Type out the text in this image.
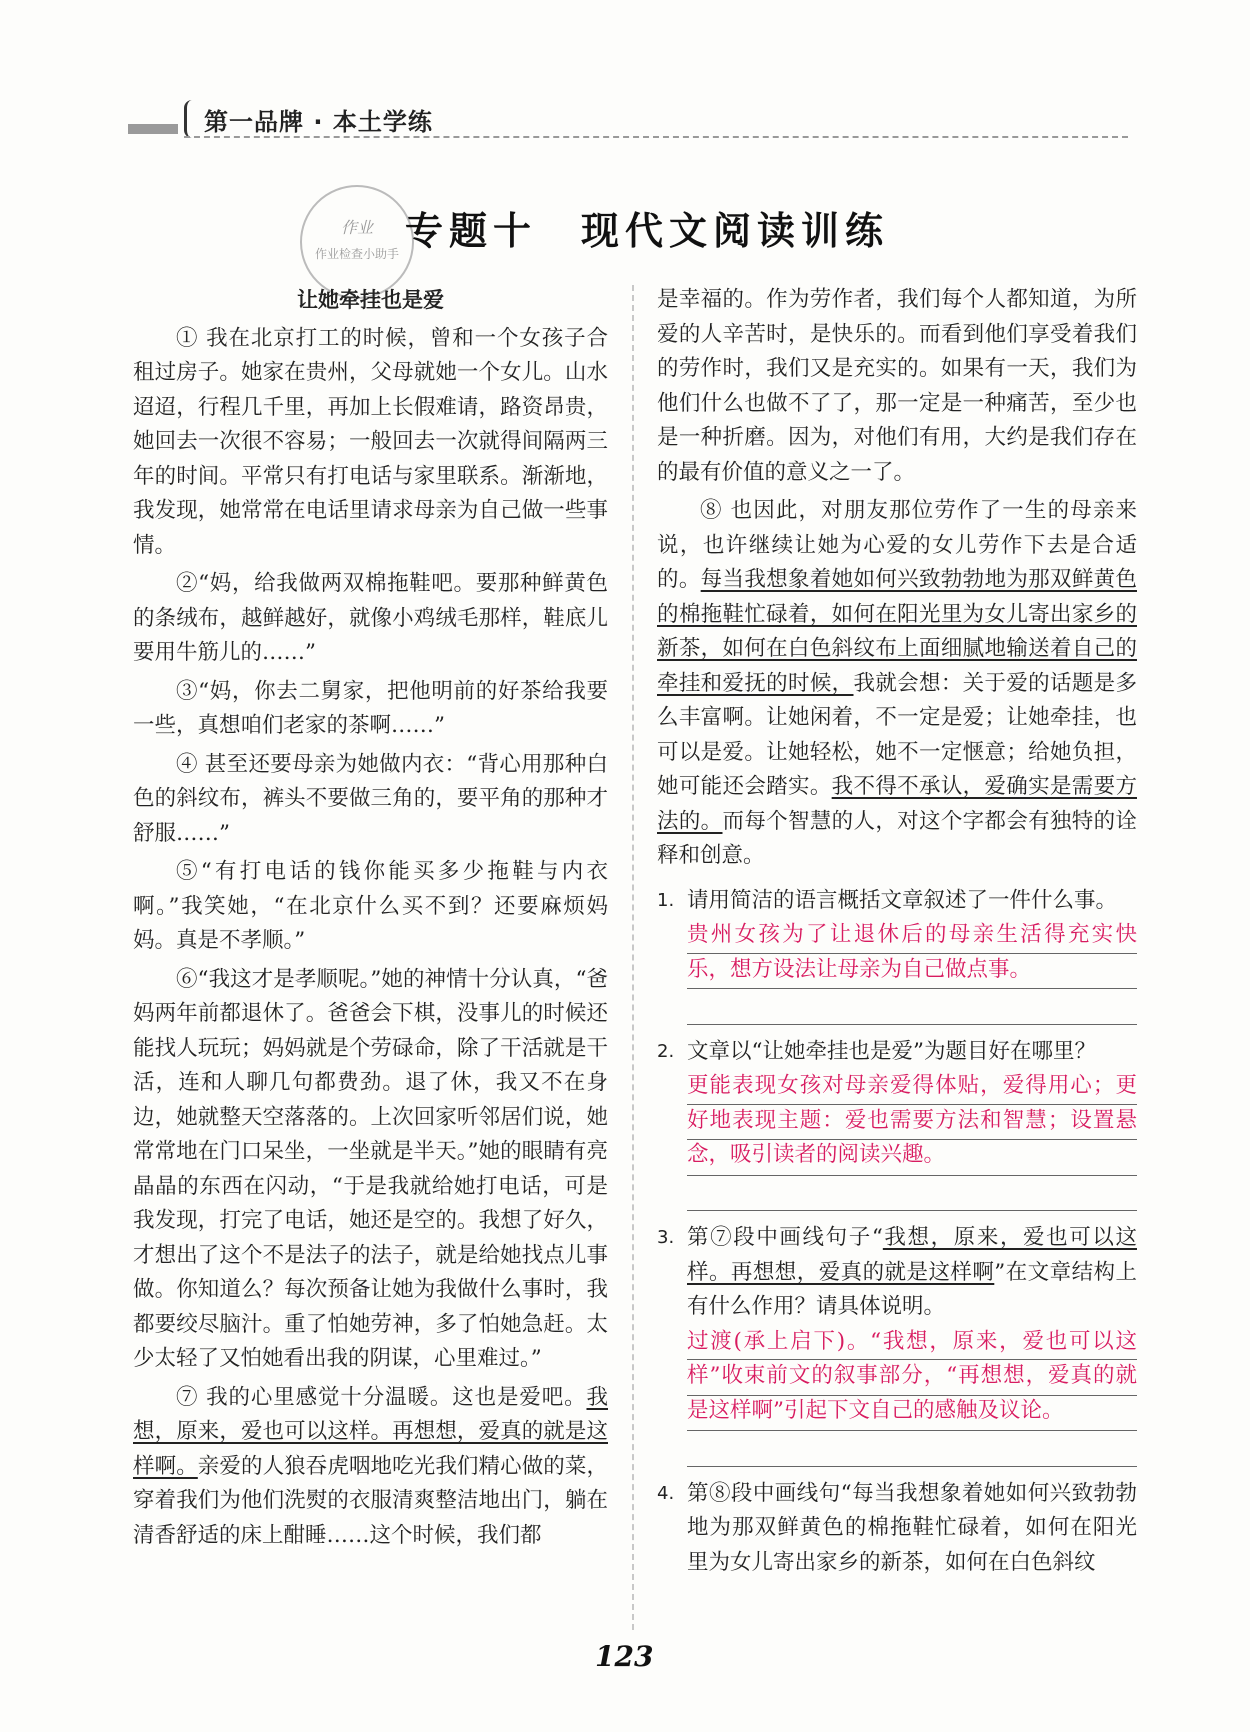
第一品牌 · 本土学练
作业
作业检查小助手
专题十　现代文阅读训练
让她牵挂也是爱

① 我在北京打工的时候，曾和一个女孩子合租过房子。她家在贵州，父母就她一个女儿。山水迢迢，行程几千里，再加上长假难请，路资昂贵，她回去一次很不容易；一般回去一次就得间隔两三年的时间。平常只有打电话与家里联系。渐渐地，我发现，她常常在电话里请求母亲为自己做一些事情。

②“妈，给我做两双棉拖鞋吧。要那种鲜黄色的条绒布，越鲜越好，就像小鸡绒毛那样，鞋底儿要用牛筋儿的……”

③“妈，你去二舅家，把他明前的好茶给我要一些，真想咱们老家的茶啊……”

④ 甚至还要母亲为她做内衣：“背心用那种白色的斜纹布，裤头不要做三角的，要平角的那种才舒服……”

⑤“有打电话的钱你能买多少拖鞋与内衣啊。”我笑她，“在北京什么买不到？还要麻烦妈妈。真是不孝顺。”

⑥“我这才是孝顺呢。”她的神情十分认真，“爸妈两年前都退休了。爸爸会下棋，没事儿的时候还能找人玩玩；妈妈就是个劳碌命，除了干活就是干活，连和人聊几句都费劲。退了休，我又不在身边，她就整天空落落的。上次回家听邻居们说，她常常地在门口呆坐，一坐就是半天。”她的眼睛有亮晶晶的东西在闪动，“于是我就给她打电话，可是我发现，打完了电话，她还是空的。我想了好久，才想出了这个不是法子的法子，就是给她找点儿事做。你知道么？每次预备让她为我做什么事时，我都要绞尽脑汁。重了怕她劳神，多了怕她急赶。太少太轻了又怕她看出我的阴谋，心里难过。”

⑦ 我的心里感觉十分温暖。这也是爱吧。我想，原来，爱也可以这样。再想想，爱真的就是这样啊。亲爱的人狼吞虎咽地吃光我们精心做的菜，穿着我们为他们洗熨的衣服清爽整洁地出门，躺在清香舒适的床上酣睡……这个时候，我们都

是幸福的。作为劳作者，我们每个人都知道，为所爱的人辛苦时，是快乐的。而看到他们享受着我们的劳作时，我们又是充实的。如果有一天，我们为他们什么也做不了了，那一定是一种痛苦，至少也是一种折磨。因为，对他们有用，大约是我们存在的最有价值的意义之一了。

⑧ 也因此，对朋友那位劳作了一生的母亲来说，也许继续让她为心爱的女儿劳作下去是合适的。每当我想象着她如何兴致勃勃地为那双鲜黄色的棉拖鞋忙碌着，如何在阳光里为女儿寄出家乡的新茶，如何在白色斜纹布上面细腻地输送着自己的牵挂和爱抚的时候，我就会想：关于爱的话题是多么丰富啊。让她闲着，不一定是爱；让她牵挂，也可以是爱。让她轻松，她不一定惬意；给她负担，她可能还会踏实。我不得不承认，爱确实是需要方法的。而每个智慧的人，对这个字都会有独特的诠释和创意。

1. 请用简洁的语言概括文章叙述了一件什么事。
贵州女孩为了让退休后的母亲生活得充实快乐，想方设法让母亲为自己做点事。
2. 文章以“让她牵挂也是爱”为题目好在哪里？
更能表现女孩对母亲爱得体贴，爱得用心；更好地表现主题：爱也需要方法和智慧；设置悬念，吸引读者的阅读兴趣。
3. 第⑦段中画线句子“我想，原来，爱也可以这样。再想想，爱真的就是这样啊”在文章结构上有什么作用？请具体说明。
过渡(承上启下)。“我想，原来，爱也可以这样”收束前文的叙事部分，“再想想，爱真的就是这样啊”引起下文自己的感触及议论。
4. 第⑧段中画线句“每当我想象着她如何兴致勃勃地为那双鲜黄色的棉拖鞋忙碌着，如何在阳光里为女儿寄出家乡的新茶，如何在白色斜纹
123
